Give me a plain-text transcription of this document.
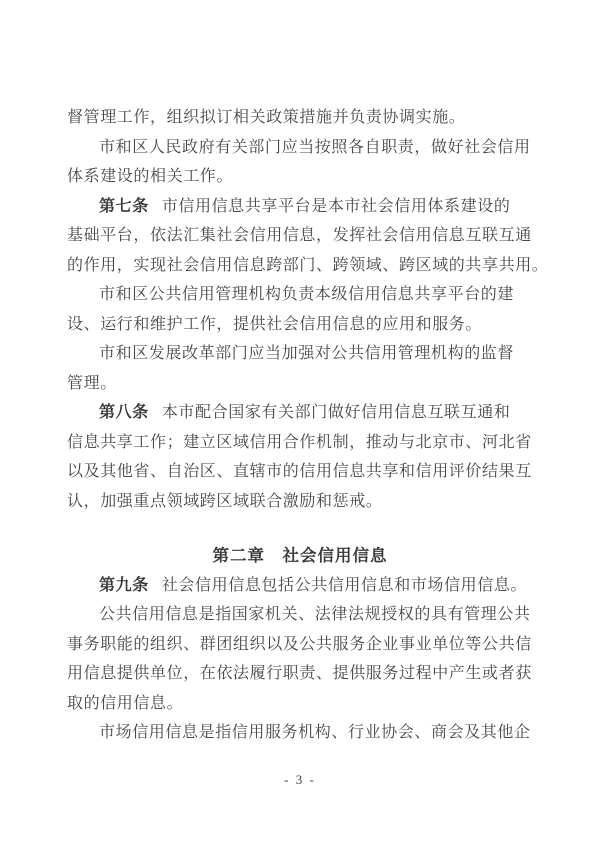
督管理工作，组织拟订相关政策措施并负责协调实施。
市和区人民政府有关部门应当按照各自职责，做好社会信用
体系建设的相关工作。
第七条 市信用信息共享平台是本市社会信用体系建设的
基础平台，依法汇集社会信用信息，发挥社会信用信息互联互通
的作用，实现社会信用信息跨部门、跨领域、跨区域的共享共用。
市和区公共信用管理机构负责本级信用信息共享平台的建
设、运行和维护工作，提供社会信用信息的应用和服务。
市和区发展改革部门应当加强对公共信用管理机构的监督
管理。
第八条 本市配合国家有关部门做好信用信息互联互通和
信息共享工作；建立区域信用合作机制，推动与北京市、河北省
以及其他省、自治区、直辖市的信用信息共享和信用评价结果互
认，加强重点领域跨区域联合激励和惩戒。
第二章　社会信用信息
第九条 社会信用信息包括公共信用信息和市场信用信息。
公共信用信息是指国家机关、法律法规授权的具有管理公共
事务职能的组织、群团组织以及公共服务企业事业单位等公共信
用信息提供单位，在依法履行职责、提供服务过程中产生或者获
取的信用信息。
市场信用信息是指信用服务机构、行业协会、商会及其他企
- 3 -
